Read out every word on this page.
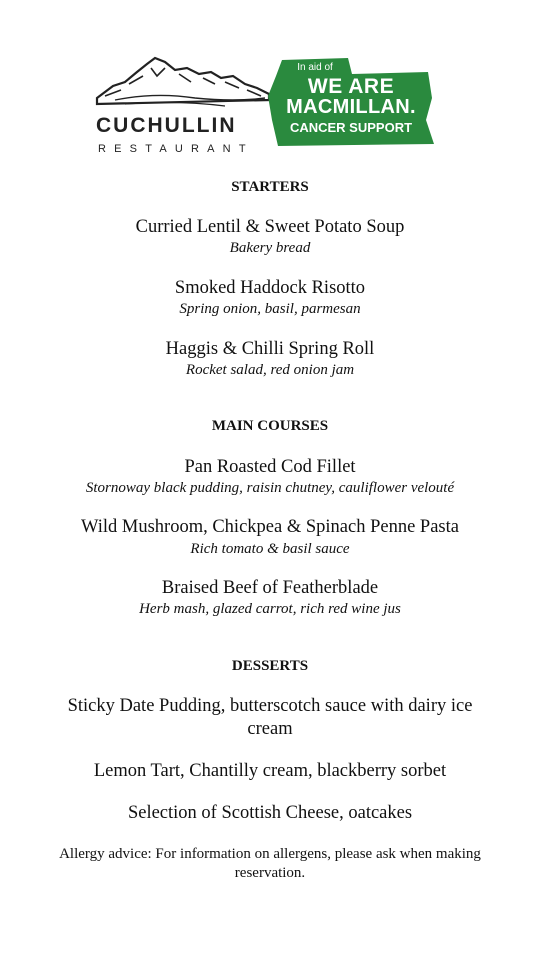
CUCHULLIN
RESTAURANT
In aid of
WE ARE
MACMILLAN.
CANCER SUPPORT
STARTERS
Curried Lentil & Sweet Potato Soup
Bakery bread
Smoked Haddock Risotto
Spring onion, basil, parmesan
Haggis & Chilli Spring Roll
Rocket salad, red onion jam
MAIN COURSES
Pan Roasted Cod Fillet
Stornoway black pudding, raisin chutney, cauliflower velouté
Wild Mushroom, Chickpea & Spinach Penne Pasta
Rich tomato & basil sauce
Braised Beef of Featherblade
Herb mash, glazed carrot, rich red wine jus
DESSERTS
Sticky Date Pudding, butterscotch sauce with dairy ice cream
Lemon Tart, Chantilly cream, blackberry sorbet
Selection of Scottish Cheese, oatcakes
Allergy advice: For information on allergens, please ask when making reservation.
